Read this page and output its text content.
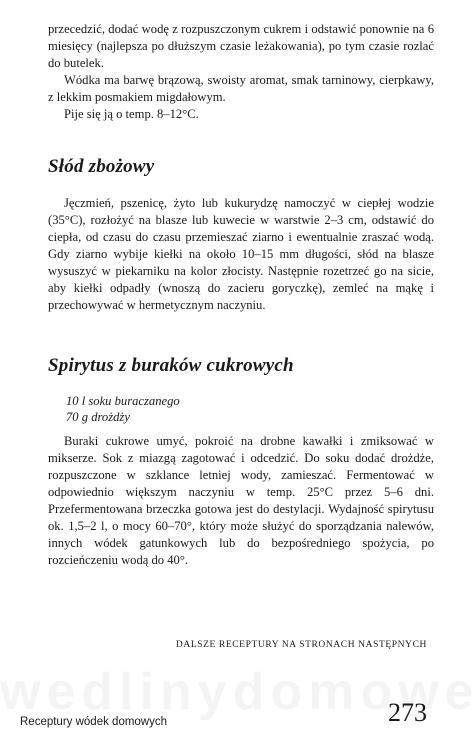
przecedzić, dodać wodę z rozpuszczonym cukrem i odstawić ponownie na 6 miesięcy (najlepsza po dłuższym czasie leżakowania), po tym czasie rozlać do butelek.

Wódka ma barwę brązową, swoisty aromat, smak tarninowy, cierpkawy, z lekkim posmakiem migdałowym.

Pije się ją o temp. 8–12°C.

Słód zbożowy

Jęczmień, pszenicę, żyto lub kukurydzę namoczyć w ciepłej wodzie (35°C), rozłożyć na blasze lub kuwecie w warstwie 2–3 cm, odstawić do ciepła, od czasu do czasu przemieszać ziarno i ewentualnie zraszać wodą. Gdy ziarno wybije kiełki na około 10–15 mm długości, słód na blasze wysuszyć w piekarniku na kolor złocisty. Następnie rozetrzeć go na sicie, aby kiełki odpadły (wnoszą do zacieru goryczkę), zemleć na mąkę i przechowywać w hermetycznym naczyniu.

Spirytus z buraków cukrowych

10 l soku buraczanego

70 g drożdży

Buraki cukrowe umyć, pokroić na drobne kawałki i zmiksować w mikserze. Sok z miazgą zagotować i odcedzić. Do soku dodać drożdże, rozpuszczone w szklance letniej wody, zamieszać. Fermentować w odpowiednio większym naczyniu w temp. 25°C przez 5–6 dni. Przefermentowana brzeczka gotowa jest do destylacji. Wydajność spirytusu ok. 1,5–2 l, o mocy 60–70°, który może służyć do sporządzania nalewów, innych wódek gatunkowych lub do bezpośredniego spożycia, po rozcieńczeniu wodą do 40°.

DALSZE RECEPTURY NA STRONACH NASTĘPNYCH
Receptury wódek domowych	273
